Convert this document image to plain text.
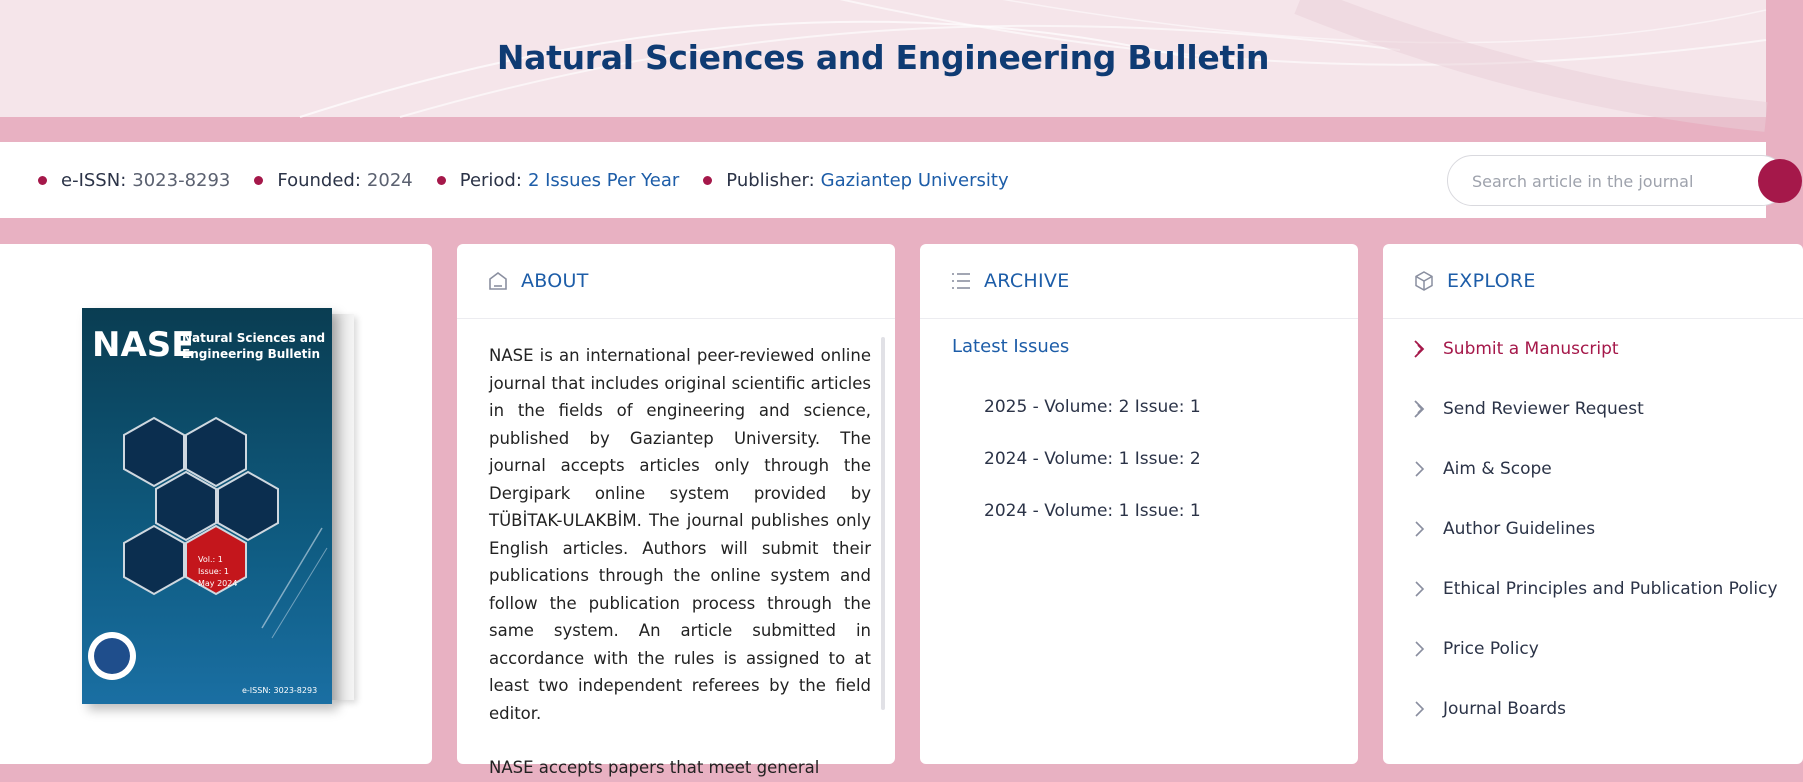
Natural Sciences and Engineering Bulletin
e-ISSN: 3023-8293	Founded: 2024	Period: 2 Issues Per Year	Publisher: Gaziantep University
Search article in the journal
NASE
Natural Sciences and
Engineering Bulletin
Vol.: 1
Issue: 1
May 2024
e-ISSN: 3023-8293
ABOUT

NASE is an international peer-reviewed online journal that includes original scientific articles in the fields of engineering and science, published by Gaziantep University. The journal accepts articles only through the Dergipark online system provided by TÜBİTAK-ULAKBİM. The journal publishes only English articles. Authors will submit their publications through the online system and follow the publication process through the same system. An article submitted in accordance with the rules is assigned to at least two independent referees by the field editor.

NASE accepts papers that meet general

ARCHIVE
Latest Issues
2025 - Volume: 2 Issue: 1
2024 - Volume: 1 Issue: 2
2024 - Volume: 1 Issue: 1
EXPLORE
Submit a Manuscript
Send Reviewer Request
Aim & Scope
Author Guidelines
Ethical Principles and Publication Policy
Price Policy
Journal Boards
